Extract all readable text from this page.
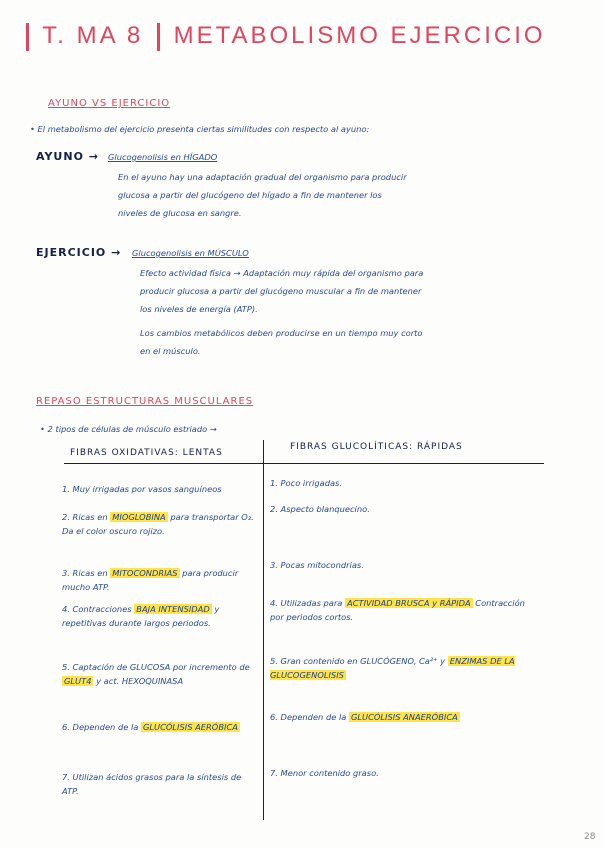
T. MA 8 METABOLISMO EJERCICIO
AYUNO VS EJERCICIO
• El metabolismo del ejercicio presenta ciertas similitudes con respecto al ayuno:
AYUNO → Glucogenolisis en HÍGADO
En el ayuno hay una adaptación gradual del organismo para producir
glucosa a partir del glucógeno del hígado a fin de mantener los
niveles de glucosa en sangre.
EJERCICIO → Glucogenolisis en MÚSCULO
Efecto actividad física → Adaptación muy rápida del organismo para
producir glucosa a partir del glucógeno muscular a fin de mantener
los niveles de energía (ATP).
Los cambios metabólicos deben producirse en un tiempo muy corto
en el músculo.
REPASO ESTRUCTURAS MUSCULARES
• 2 tipos de células de músculo estriado →
FIBRAS OXIDATIVAS: LENTAS
FIBRAS GLUCOLÍTICAS: RÁPIDAS
1. Muy irrigadas por vasos sanguíneos
2. Ricas en MIOGLOBINA para transportar O₂. Da el color oscuro rojizo.
3. Ricas en MITOCONDRIAS para producir mucho ATP.
4. Contracciones BAJA INTENSIDAD y repetitivas durante largos periodos.
5. Captación de GLUCOSA por incremento de GLUT4 y act. HEXOQUINASA
6. Dependen de la GLUCÓLISIS AERÓBICA
7. Utilizan ácidos grasos para la síntesis de ATP.
1. Poco irrigadas.
2. Aspecto blanquecino.
3. Pocas mitocondrias.
4. Utilizadas para ACTIVIDAD BRUSCA y RÁPIDA Contracción por periodos cortos.
5. Gran contenido en GLUCÓGENO, Ca²⁺ y ENZIMAS DE LA GLUCOGENOLISIS
6. Dependen de la GLUCÓLISIS ANAERÓBICA
7. Menor contenido graso.
28
